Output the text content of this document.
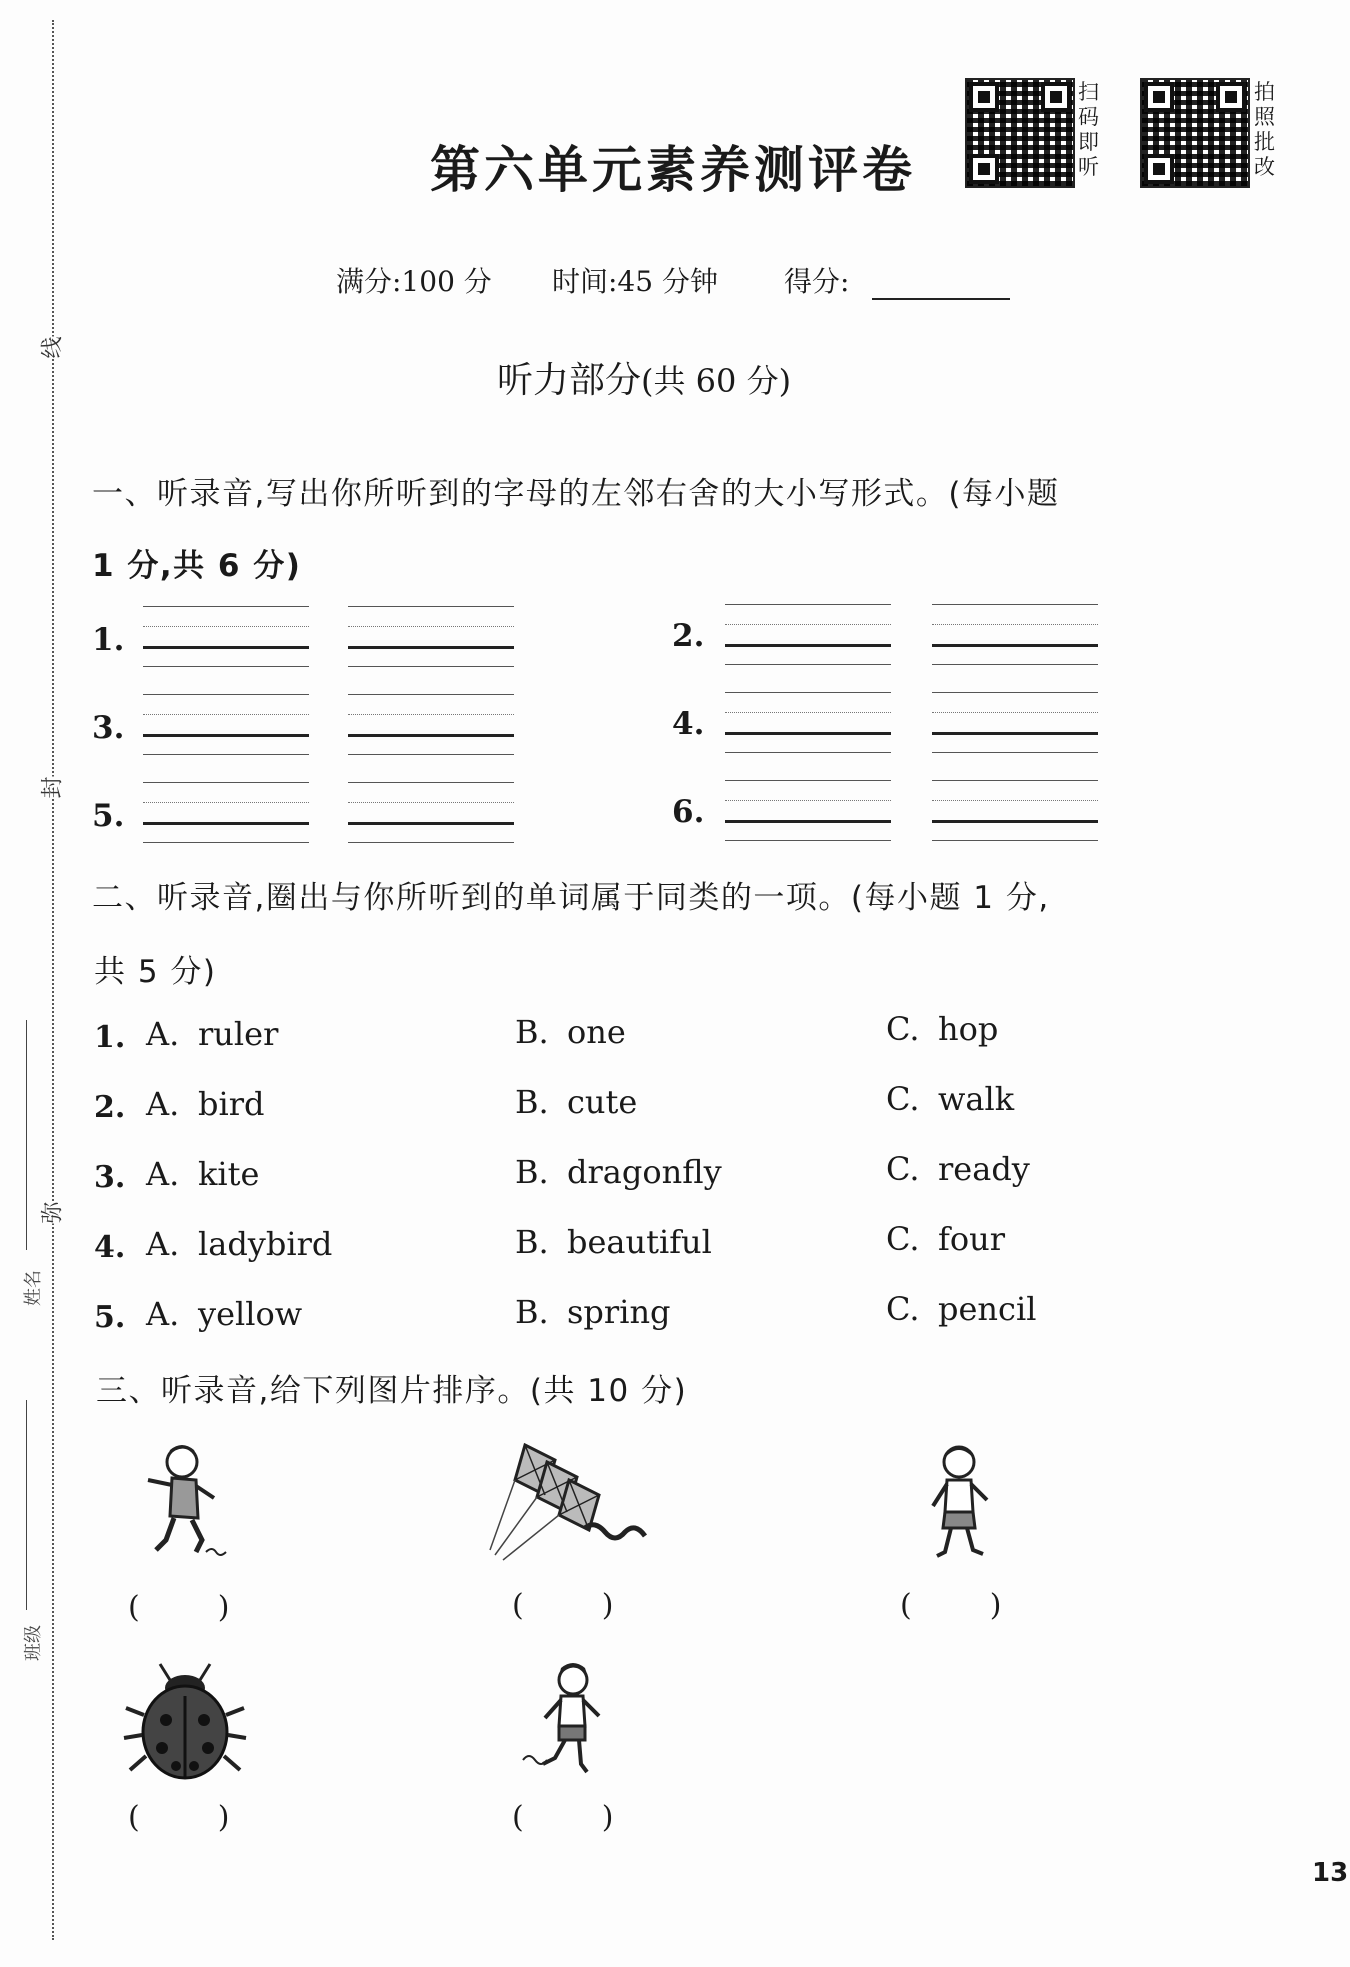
线
封
弥
姓名
班级
第六单元素养测评卷
扫
码
即
听
拍
照
批
改
满分:100 分 时间:45 分钟 得分:
听力部分(共 60 分)
一、听录音,写出你所听到的字母的左邻右舍的大小写形式。(每小题
1 分,共 6 分)
1.	2.
3.	4.
5.	6.
二、听录音,圈出与你所听到的单词属于同类的一项。(每小题 1 分,
共 5 分)
1. A. ruler	B. one	C. hop
2. A. bird	B. cute	C. walk
3. A. kite	B. dragonfly	C. ready
4. A. ladybird	B. beautiful	C. four
5. A. yellow	B. spring	C. pencil
三、听录音,给下列图片排序。(共 10 分)
(	)	(	)	(	)
(	)	(	)
13
